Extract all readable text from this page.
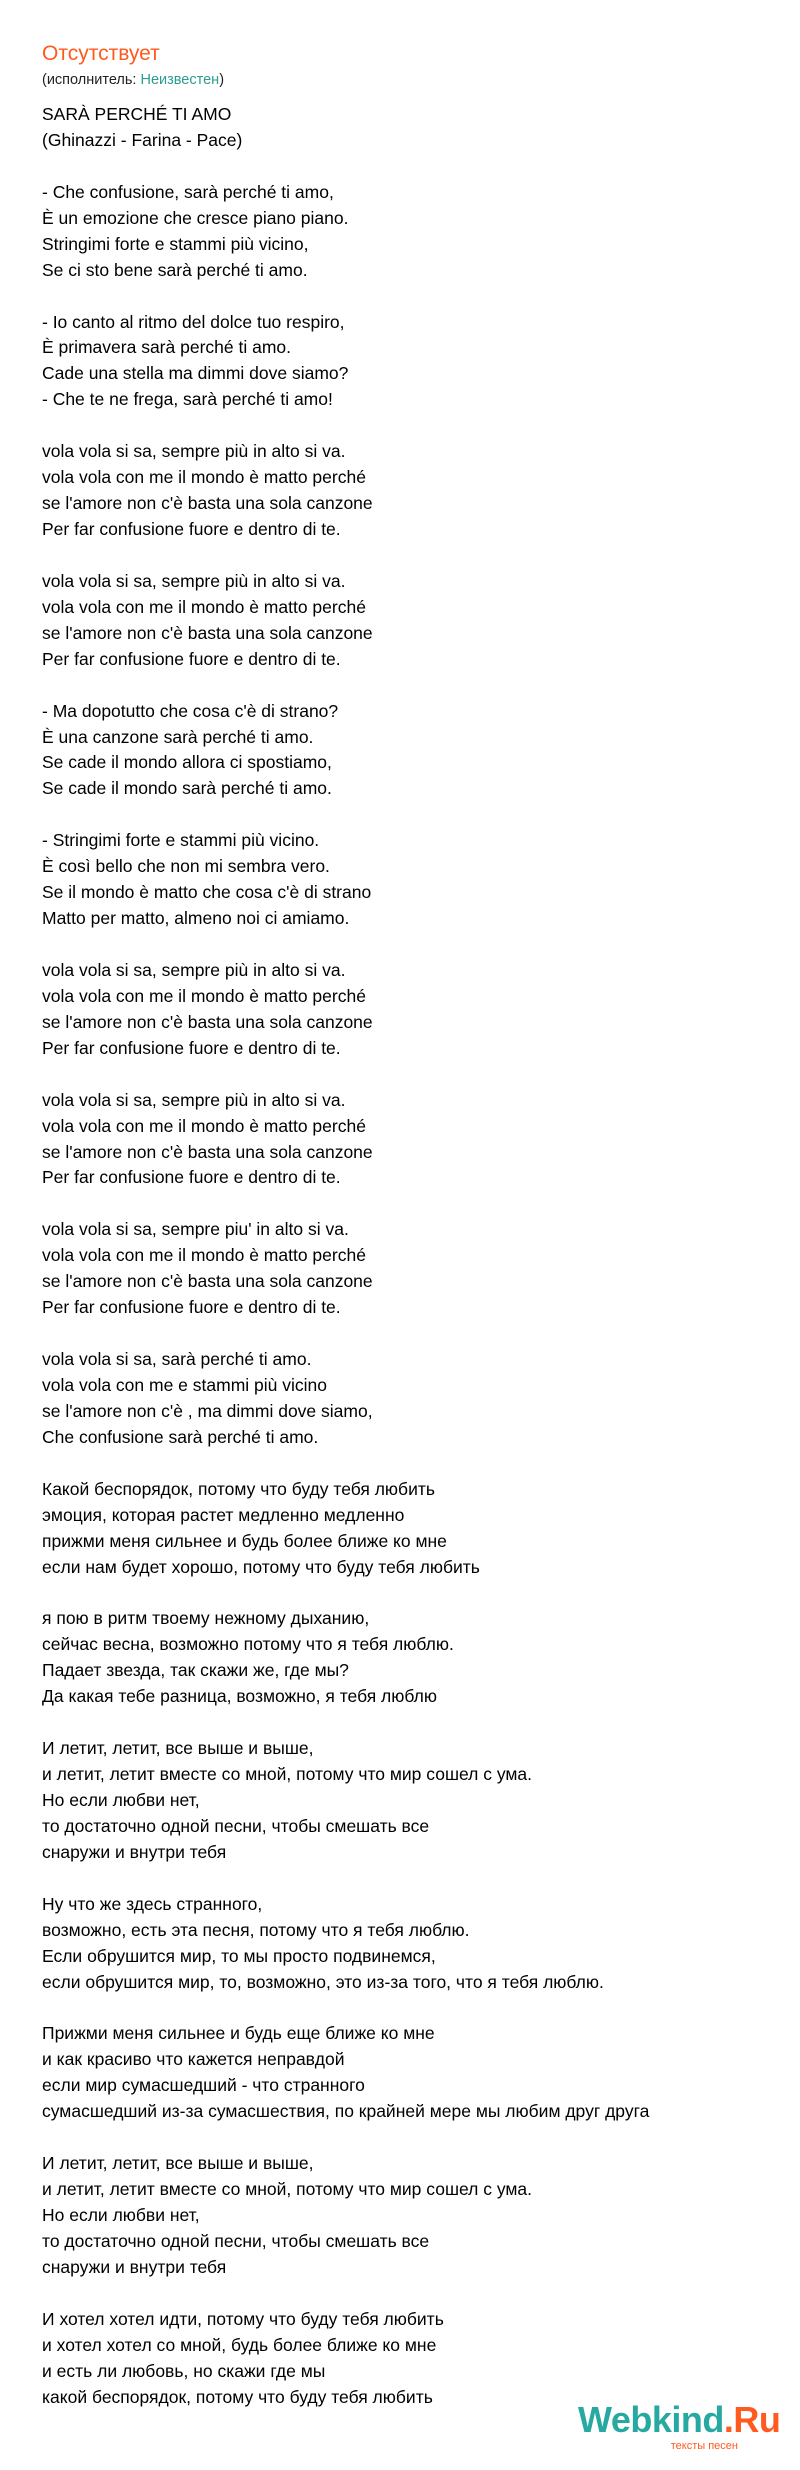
Отсутствует
(исполнитель: Неизвестен)
SARÀ PERCHÉ TI AMO
(Ghinazzi - Farina - Pace)
- Che confusione, sarà perché ti amo,
È un emozione che cresce piano piano.
Stringimi forte e stammi più vicino,
Se ci sto bene sarà perché ti amo.
- Io canto al ritmo del dolce tuo respiro,
È primavera sarà perché ti amo.
Cade una stella ma dimmi dove siamo?
- Che te ne frega, sarà perché ti amo!
vola vola si sa, sempre più in alto si va.
vola vola con me il mondo è matto perché
se l'amore non c'è basta una sola canzone
Per far confusione fuore e dentro di te.
vola vola si sa, sempre più in alto si va.
vola vola con me il mondo è matto perché
se l'amore non c'è basta una sola canzone
Per far confusione fuore e dentro di te.
- Ma dopotutto che cosa c'è di strano?
È una canzone sarà perché ti amo.
Se cade il mondo allora ci spostiamo,
Se cade il mondo sarà perché ti amo.
- Stringimi forte e stammi più vicino.
È così bello che non mi sembra vero.
Se il mondo è matto che cosa c'è di strano
Matto per matto, almeno noi ci amiamo.
vola vola si sa, sempre più in alto si va.
vola vola con me il mondo è matto perché
se l'amore non c'è basta una sola canzone
Per far confusione fuore e dentro di te.
vola vola si sa, sempre più in alto si va.
vola vola con me il mondo è matto perché
se l'amore non c'è basta una sola canzone
Per far confusione fuore e dentro di te.
vola vola si sa, sempre piu' in alto si va.
vola vola con me il mondo è matto perché
se l'amore non c'è basta una sola canzone
Per far confusione fuore e dentro di te.
vola vola si sa, sarà perché ti amo.
vola vola con me e stammi più vicino
se l'amore non c'è , ma dimmi dove siamo,
Che confusione sarà perché ti amo.
Какой беспорядок, потому что буду тебя любить
эмоция, которая растет медленно медленно
прижми меня сильнее и будь более ближе ко мне
если нам будет хорошо, потому что буду тебя любить
я пою в ритм твоему нежному дыханию,
сейчас весна, возможно потому что я тебя люблю.
Падает звезда, так скажи же, где мы?
Да какая тебе разница, возможно, я тебя люблю
И летит, летит, все выше и выше,
и летит, летит вместе со мной, потому что мир сошел с ума.
Но если любви нет,
то достаточно одной песни, чтобы смешать все
снаружи и внутри тебя
Ну что же здесь странного,
возможно, есть эта песня, потому что я тебя люблю.
Если обрушится мир, то мы просто подвинемся,
если обрушится мир, то, возможно, это из-за того, что я тебя люблю.
Прижми меня сильнее и будь еще ближе ко мне
и как красиво что кажется неправдой
если мир сумасшедший - что странного
сумасшедший из-за сумасшествия, по крайней мере мы любим друг друга
И летит, летит, все выше и выше,
и летит, летит вместе со мной, потому что мир сошел с ума.
Но если любви нет,
то достаточно одной песни, чтобы смешать все
снаружи и внутри тебя
И хотел хотел идти, потому что буду тебя любить
и хотел хотел со мной, будь более ближе ко мне
и есть ли любовь, но скажи где мы
какой беспорядок, потому что буду тебя любить
Webkind.Ru
тексты песен
